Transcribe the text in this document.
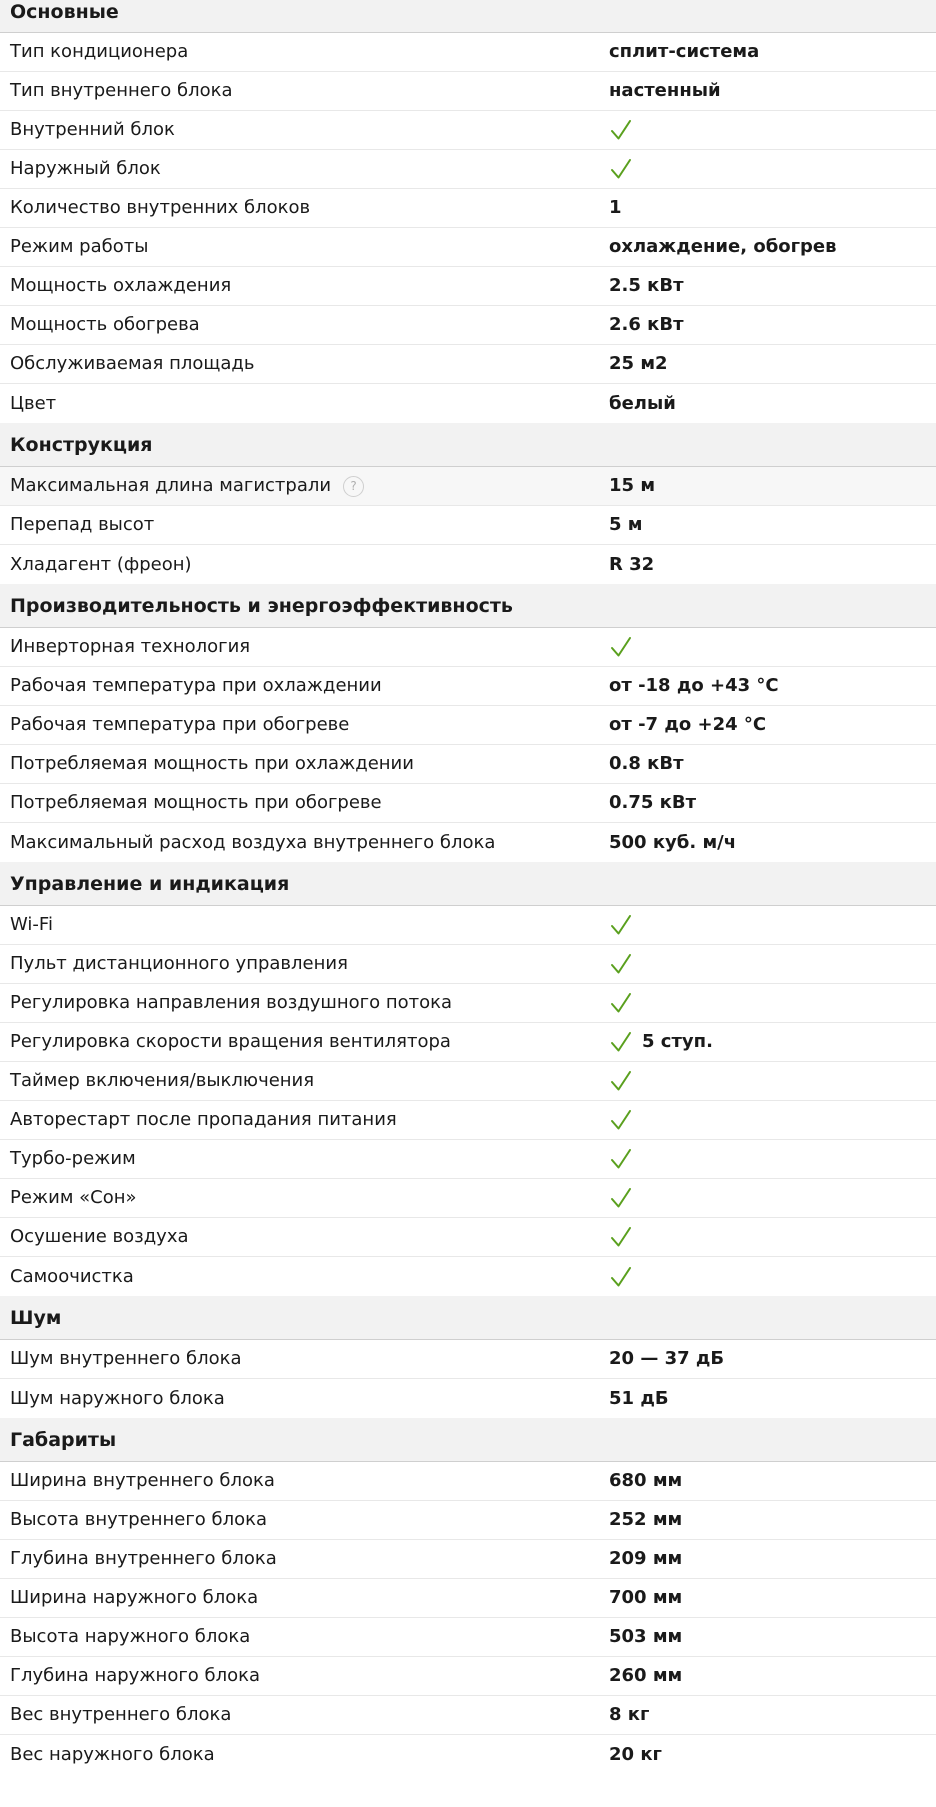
Основные
Тип кондиционера	сплит-система
Тип внутреннего блока	настенный
Внутренний блок
Наружный блок
Количество внутренних блоков	1
Режим работы	охлаждение, обогрев
Мощность охлаждения	2.5 кВт
Мощность обогрева	2.6 кВт
Обслуживаемая площадь	25 м2
Цвет	белый
Конструкция
Максимальная длина магистрали	?	15 м
Перепад высот	5 м
Хладагент (фреон)	R 32
Производительность и энергоэффективность
Инверторная технология
Рабочая температура при охлаждении	от -18 до +43 °C
Рабочая температура при обогреве	от -7 до +24 °C
Потребляемая мощность при охлаждении	0.8 кВт
Потребляемая мощность при обогреве	0.75 кВт
Максимальный расход воздуха внутреннего блока	500 куб. м/ч
Управление и индикация
Wi-Fi
Пульт дистанционного управления
Регулировка направления воздушного потока
Регулировка скорости вращения вентилятора	5 ступ.
Таймер включения/выключения
Авторестарт после пропадания питания
Турбо-режим
Режим «Сон»
Осушение воздуха
Самоочистка
Шум
Шум внутреннего блока	20 — 37 дБ
Шум наружного блока	51 дБ
Габариты
Ширина внутреннего блока	680 мм
Высота внутреннего блока	252 мм
Глубина внутреннего блока	209 мм
Ширина наружного блока	700 мм
Высота наружного блока	503 мм
Глубина наружного блока	260 мм
Вес внутреннего блока	8 кг
Вес наружного блока	20 кг
